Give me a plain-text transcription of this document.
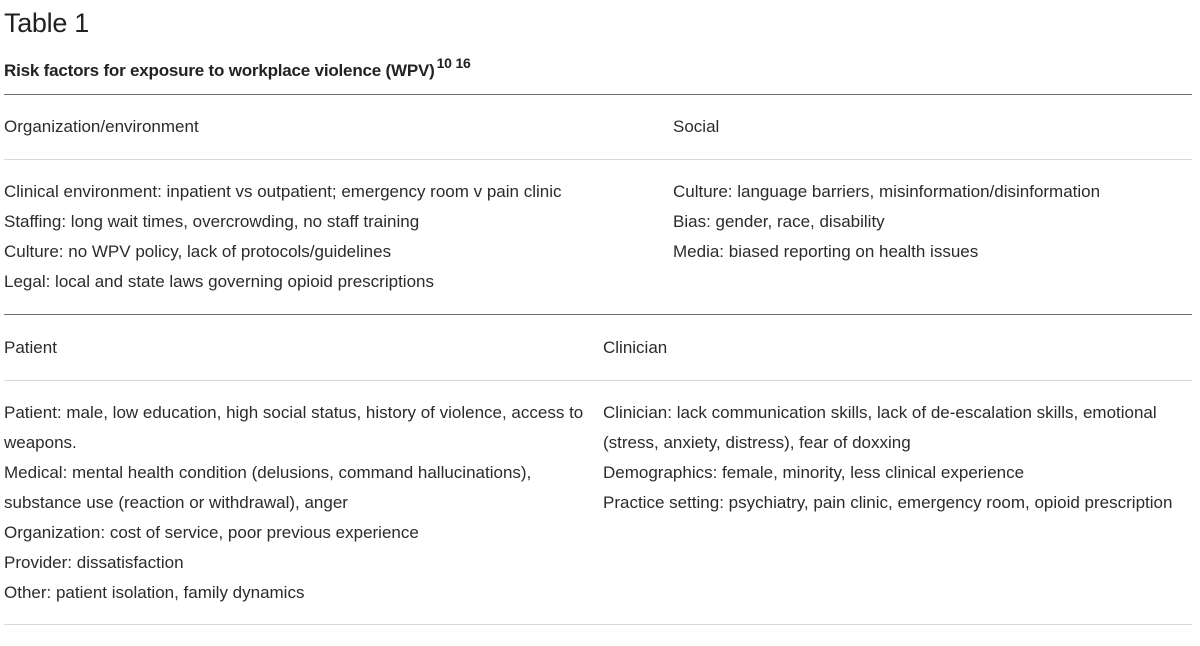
Table 1
Risk factors for exposure to workplace violence (WPV) $^{10 16}$
Organization/environment	Social
Clinical environment: inpatient vs outpatient; emergency room v pain clinic
Staffing: long wait times, overcrowding, no staff training
Culture: no WPV policy, lack of protocols/guidelines
Legal: local and state laws governing opioid prescriptions
Culture: language barriers, misinformation/disinformation
Bias: gender, race, disability
Media: biased reporting on health issues
Patient	Clinician
Patient: male, low education, high social status, history of violence, access to
weapons.
Medical: mental health condition (delusions, command hallucinations),
substance use (reaction or withdrawal), anger
Organization: cost of service, poor previous experience
Provider: dissatisfaction
Other: patient isolation, family dynamics
Clinician: lack communication skills, lack of de-escalation skills, emotional
(stress, anxiety, distress), fear of doxxing
Demographics: female, minority, less clinical experience
Practice setting: psychiatry, pain clinic, emergency room, opioid prescription
